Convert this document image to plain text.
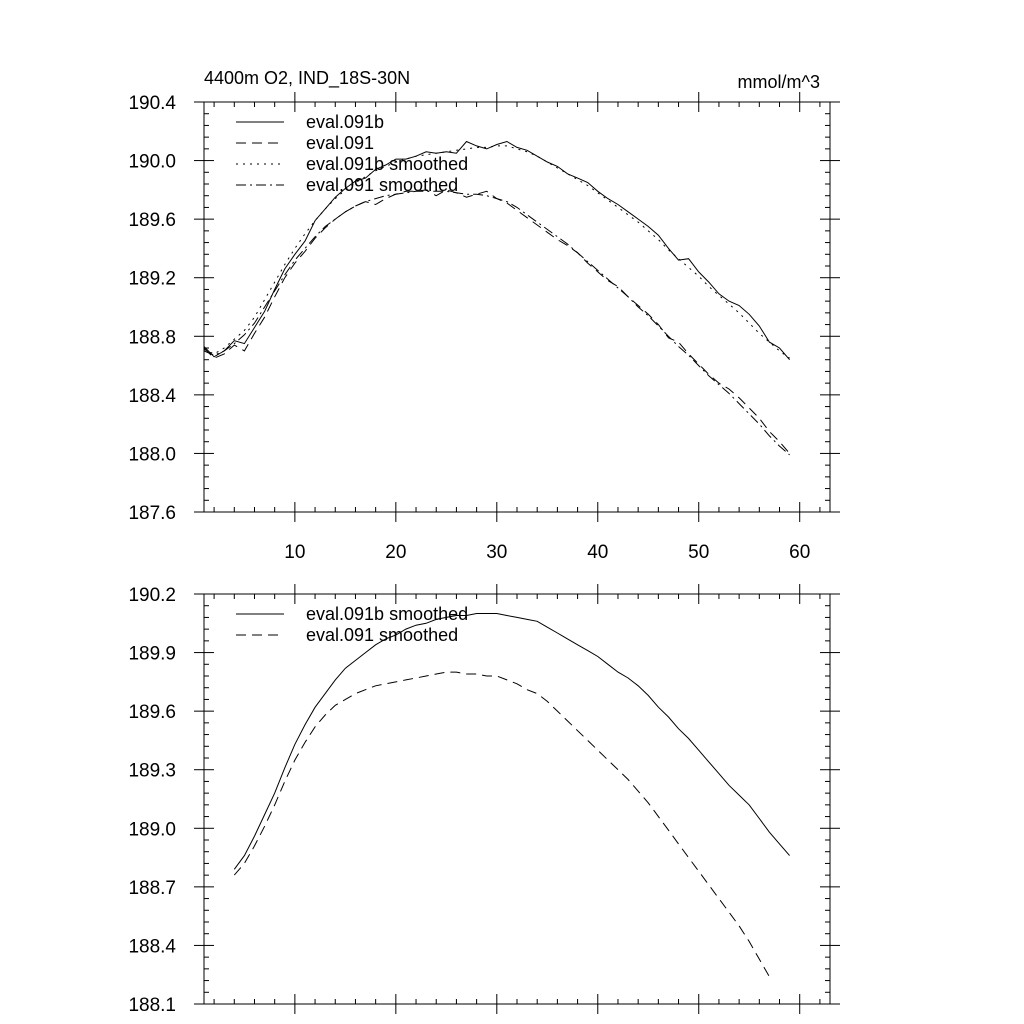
10	20	30	40	50	60
187.6
188.0
188.4
188.8
189.2
189.6
190.0
190.4
4400m O2, IND_18S-30N	mmol/m^3
eval.091b
eval.091
eval.091b smoothed
eval.091 smoothed
188.1
188.4
188.7
189.0
189.3
189.6
189.9
190.2
eval.091b smoothed
eval.091 smoothed
